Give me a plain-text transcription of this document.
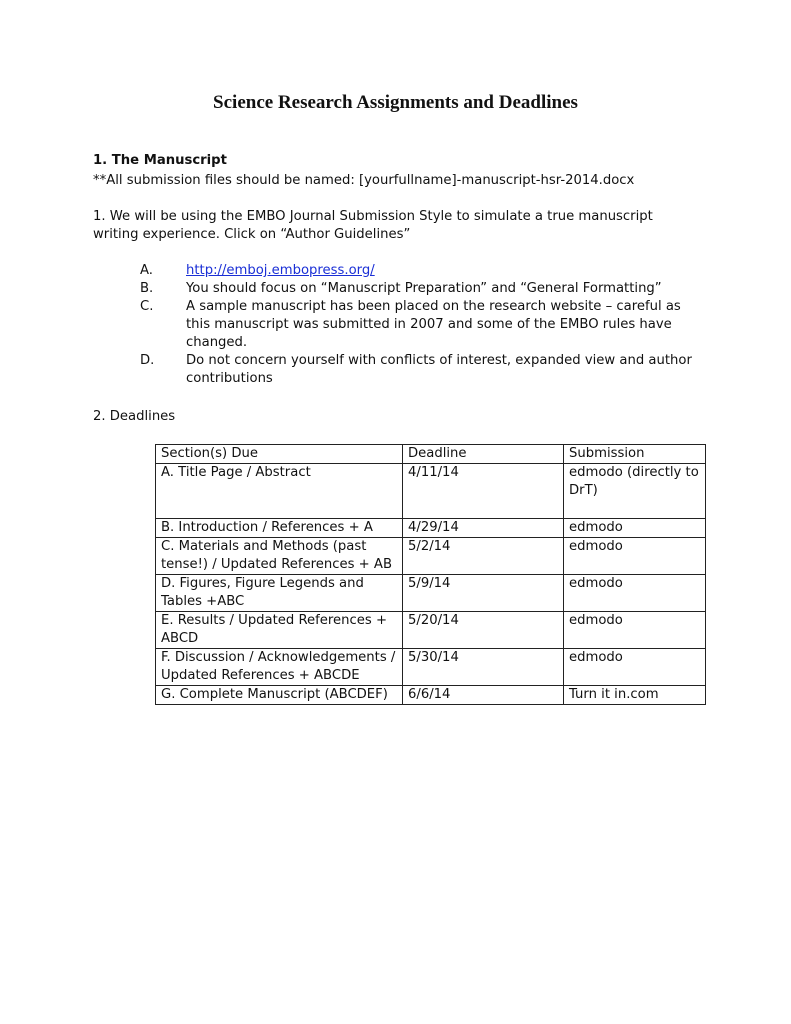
Science Research Assignments and Deadlines
1. The Manuscript
**All submission files should be named: [yourfullname]-manuscript-hsr-2014.docx
1. We will be using the EMBO Journal Submission Style to simulate a true manuscript writing experience. Click on “Author Guidelines”
A.	http://emboj.embopress.org/
B. You should focus on “Manuscript Preparation” and “General Formatting”
C. A sample manuscript has been placed on the research website – careful as this manuscript was submitted in 2007 and some of the EMBO rules have changed.
D. Do not concern yourself with conflicts of interest, expanded view and author contributions
2. Deadlines
Section(s) Due	Deadline	Submission
A. Title Page / Abstract	4/11/14	edmodo (directly to DrT)
B. Introduction / References + A	4/29/14	edmodo
C. Materials and Methods (past tense!) / Updated References + AB	5/2/14	edmodo
D. Figures, Figure Legends and Tables +ABC	5/9/14	edmodo
E. Results / Updated References + ABCD	5/20/14	edmodo
F. Discussion / Acknowledgements / Updated References + ABCDE	5/30/14	edmodo
G. Complete Manuscript (ABCDEF)	6/6/14	Turn it in.com
